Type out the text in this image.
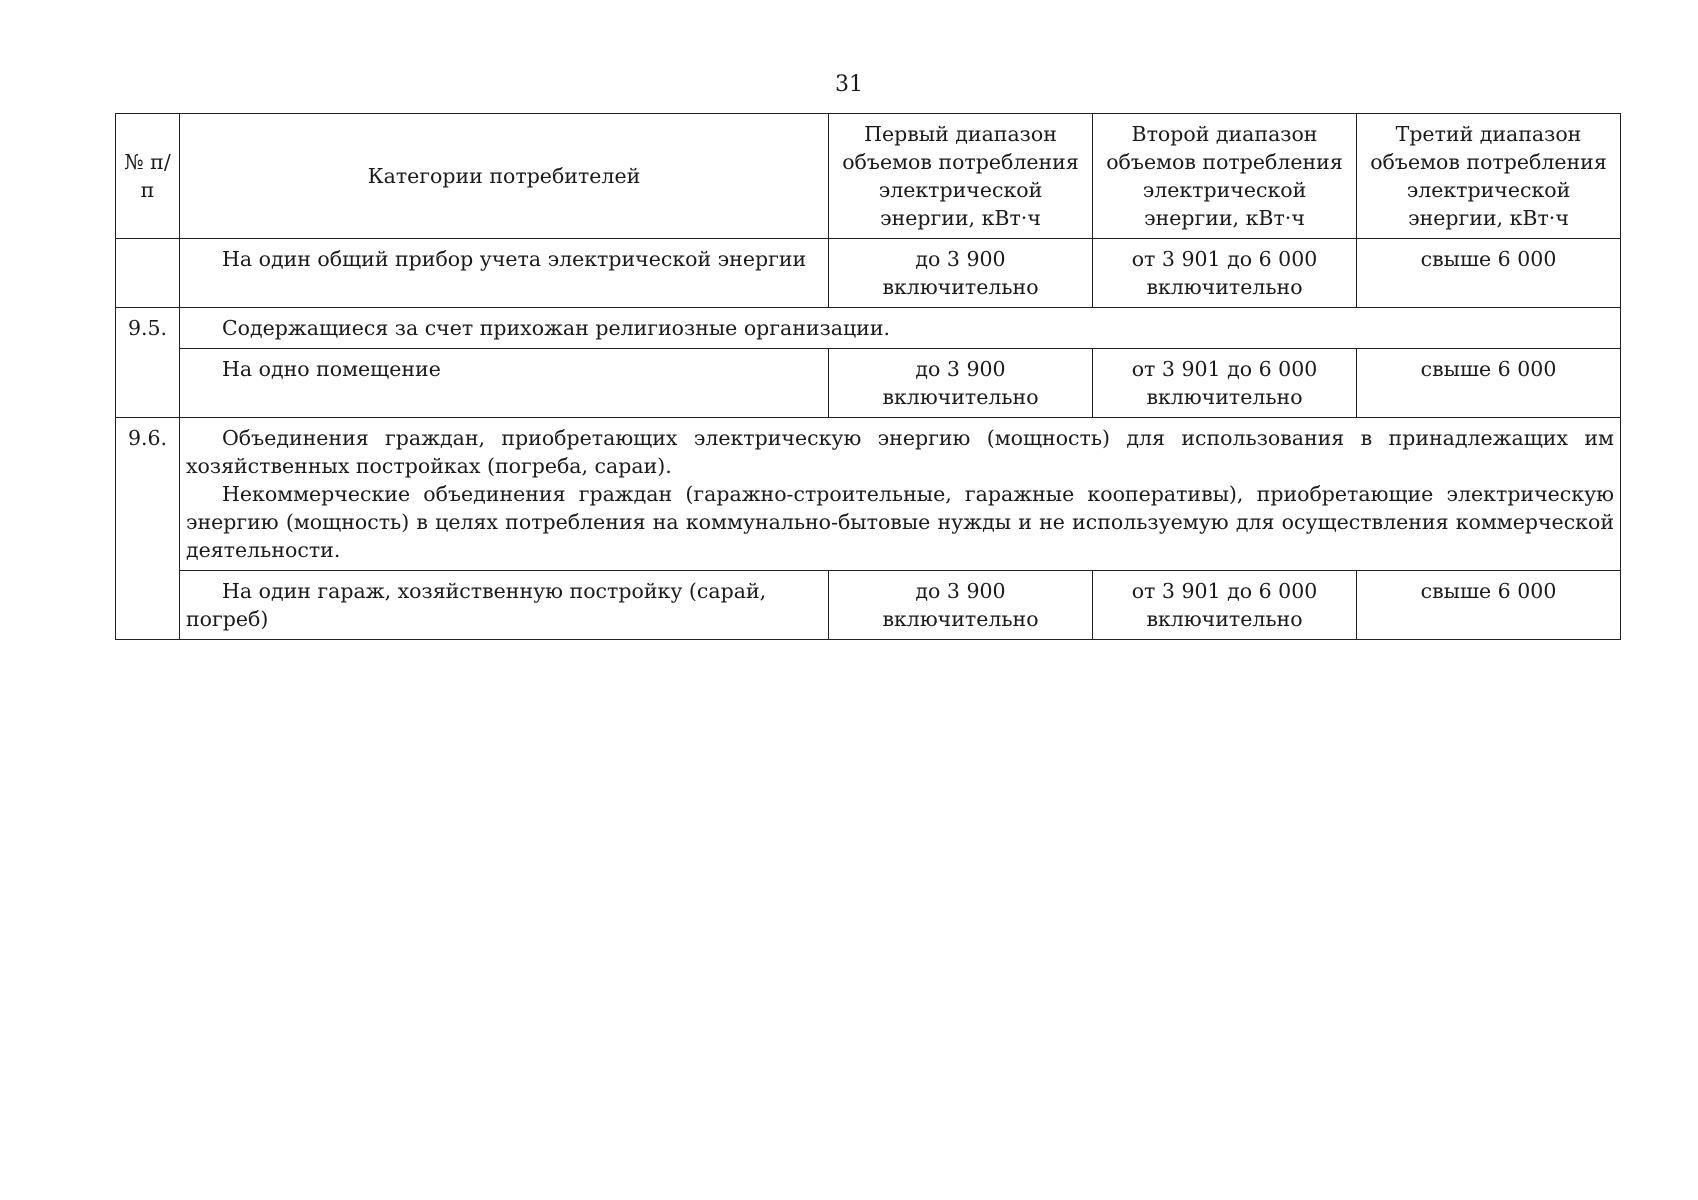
31
№ п/п	Категории потребителей	Первый диапазон объемов потребления электрической энергии, кВт·ч	Второй диапазон объемов потребления электрической энергии, кВт·ч	Третий диапазон объемов потребления электрической энергии, кВт·ч

	На один общий прибор учета электрической энергии	до 3 900 включительно	от 3 901 до 6 000 включительно	свыше 6 000
9.5.	Содержащиеся за счет прихожан религиозные организации.			

	На одно помещение	до 3 900 включительно	от 3 901 до 6 000 включительно	свыше 6 000
9.6.	Объединения граждан, приобретающих электрическую энергию (мощность) для использования в принадлежащих им хозяйственных постройках (погреба, сараи).

Некоммерческие объединения граждан (гаражно-строительные, гаражные кооперативы), приобретающие электрическую энергию (мощность) в целях потребления на коммунально-бытовые нужды и не используемую для осуществления коммерческой деятельности.			

	На один гараж, хозяйственную постройку (сарай, погреб)	до 3 900 включительно	от 3 901 до 6 000 включительно	свыше 6 000
